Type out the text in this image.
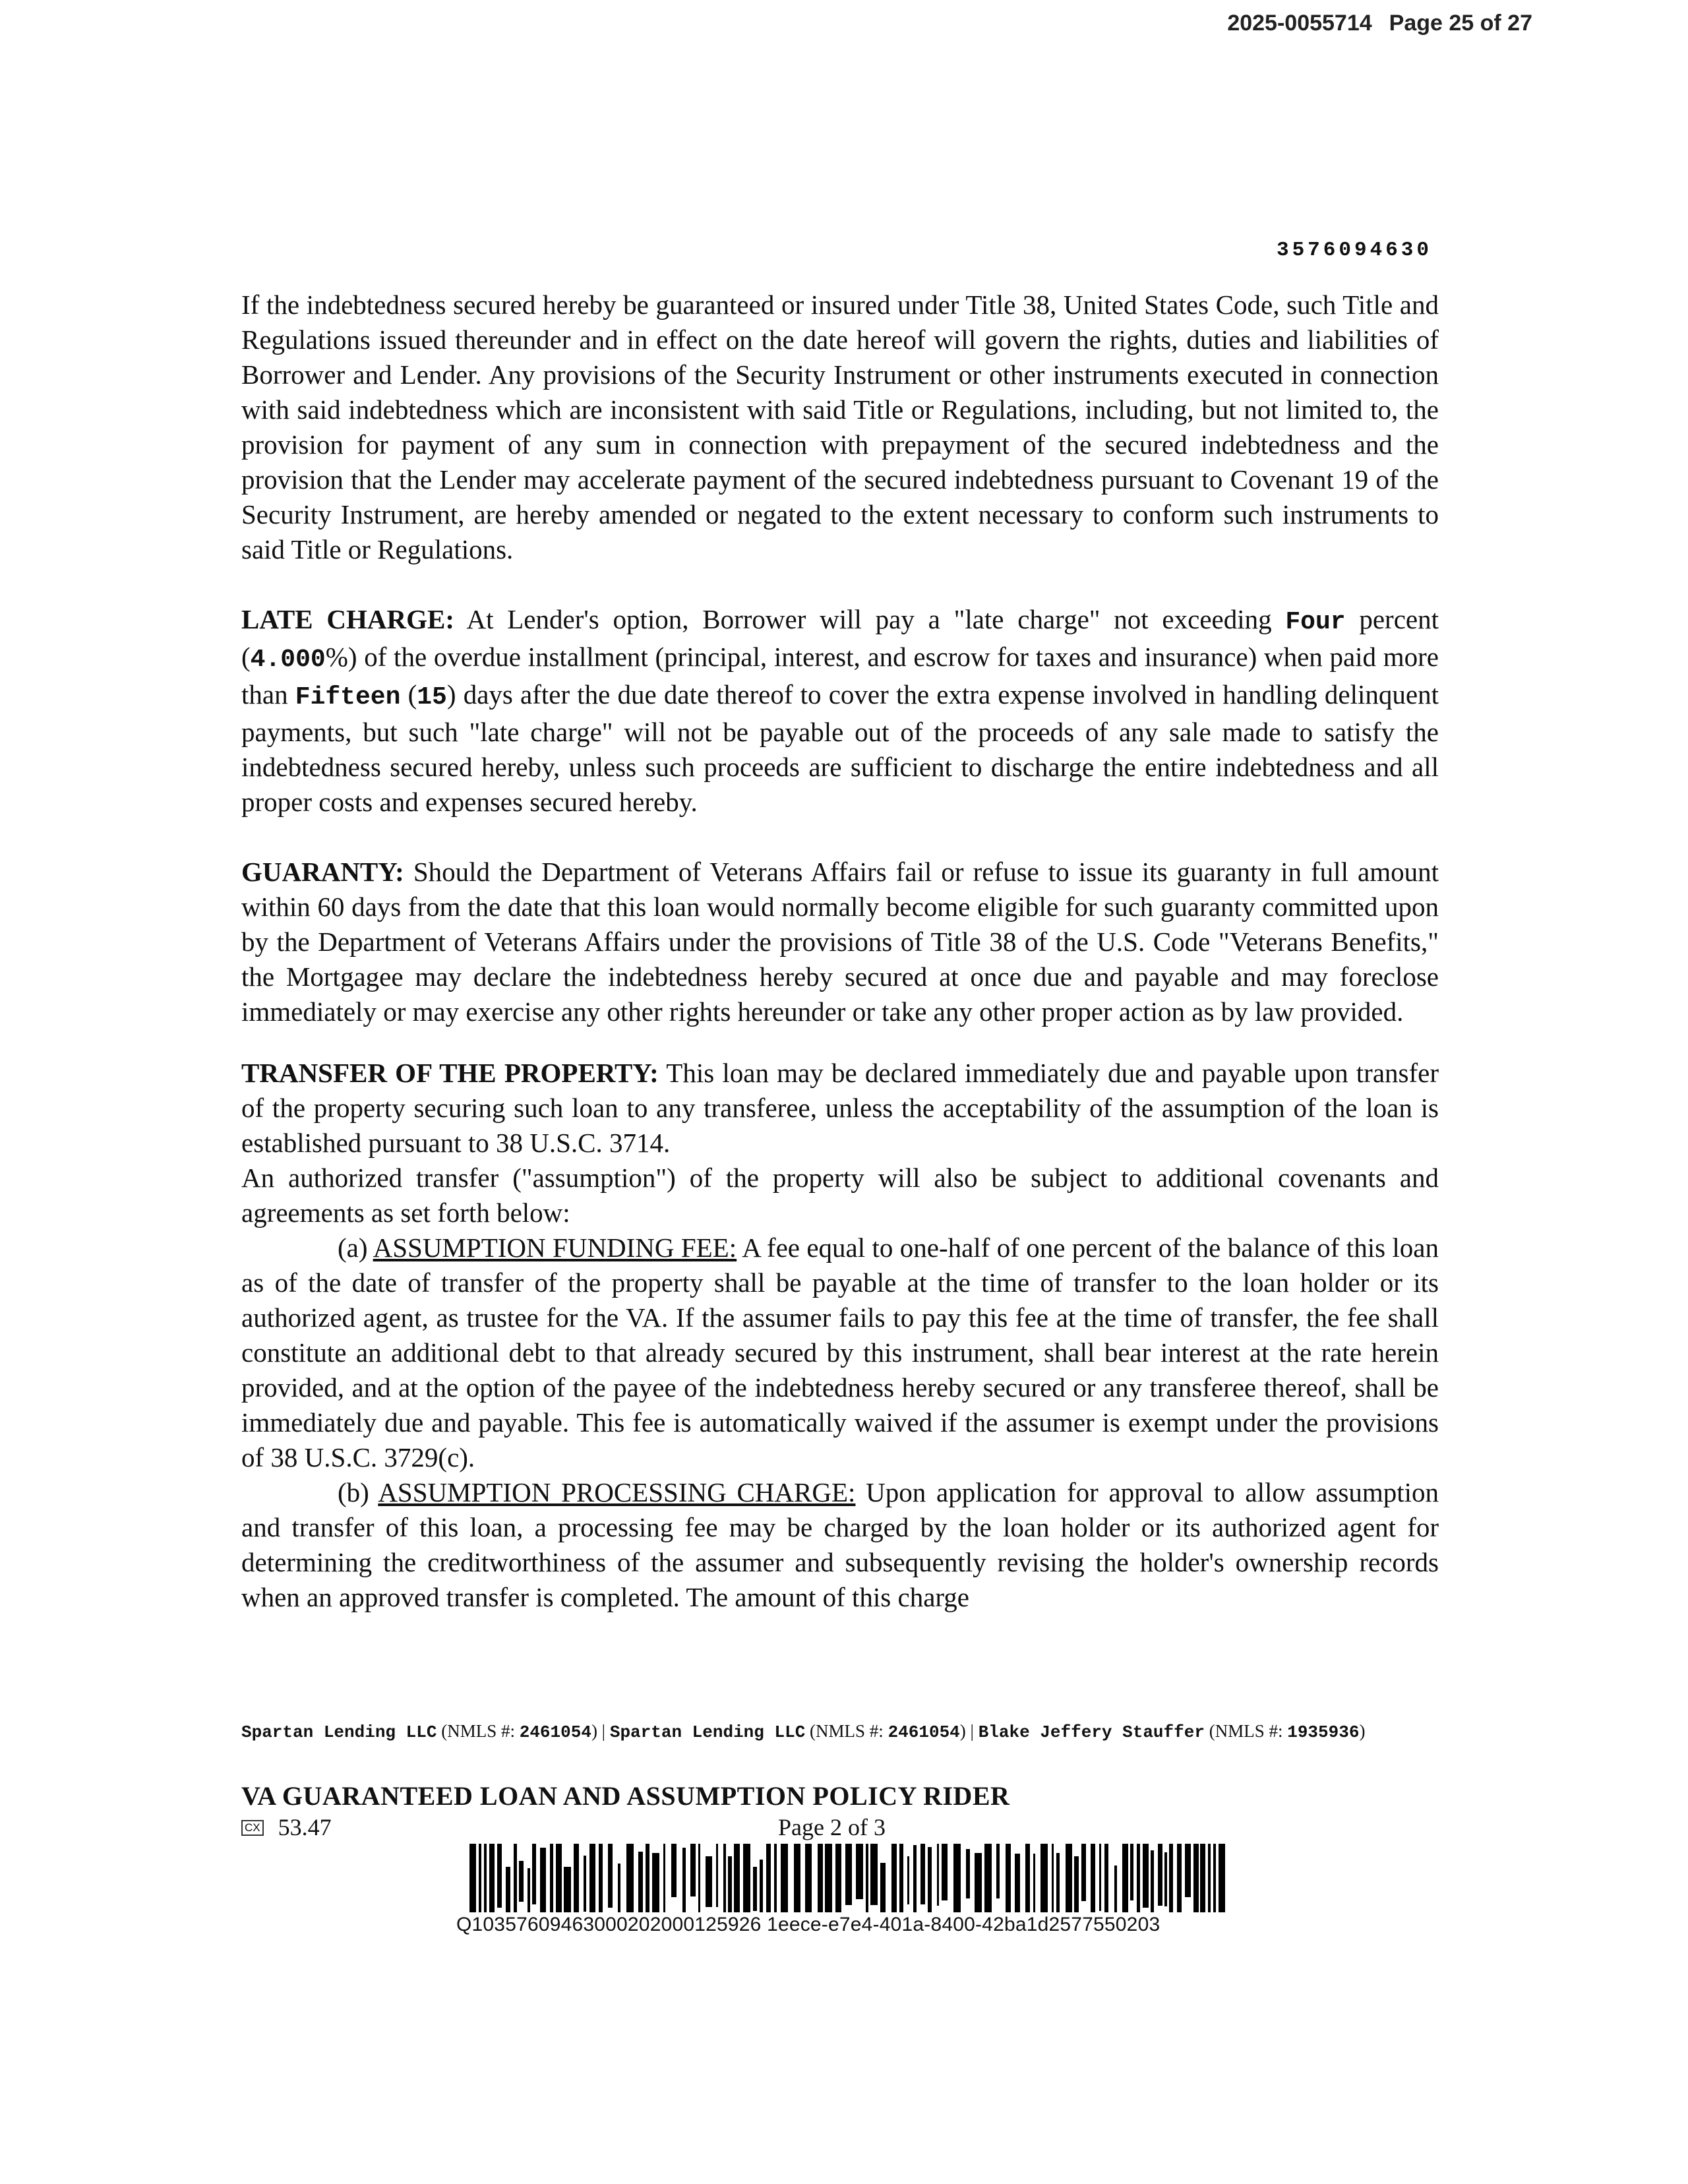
2025-0055714 Page 25 of 27
3576094630

If the indebtedness secured hereby be guaranteed or insured under Title 38, United States Code, such Title and Regulations issued thereunder and in effect on the date hereof will govern the rights, duties and liabilities of Borrower and Lender. Any provisions of the Security Instrument or other instruments executed in connection with said indebtedness which are inconsistent with said Title or Regulations, including, but not limited to, the provision for payment of any sum in connection with prepayment of the secured indebtedness and the provision that the Lender may accelerate payment of the secured indebtedness pursuant to Covenant 19 of the Security Instrument, are hereby amended or negated to the extent necessary to conform such instruments to said Title or Regulations.

LATE CHARGE: At Lender's option, Borrower will pay a "late charge" not exceeding Four percent (4.000%) of the overdue installment (principal, interest, and escrow for taxes and insurance) when paid more than Fifteen (15) days after the due date thereof to cover the extra expense involved in handling delinquent payments, but such "late charge" will not be payable out of the proceeds of any sale made to satisfy the indebtedness secured hereby, unless such proceeds are sufficient to discharge the entire indebtedness and all proper costs and expenses secured hereby.

GUARANTY: Should the Department of Veterans Affairs fail or refuse to issue its guaranty in full amount within 60 days from the date that this loan would normally become eligible for such guaranty committed upon by the Department of Veterans Affairs under the provisions of Title 38 of the U.S. Code "Veterans Benefits," the Mortgagee may declare the indebtedness hereby secured at once due and payable and may foreclose immediately or may exercise any other rights hereunder or take any other proper action as by law provided.

TRANSFER OF THE PROPERTY: This loan may be declared immediately due and payable upon transfer of the property securing such loan to any transferee, unless the acceptability of the assumption of the loan is established pursuant to 38 U.S.C. 3714.

An authorized transfer ("assumption") of the property will also be subject to additional covenants and agreements as set forth below:

(a) ASSUMPTION FUNDING FEE: A fee equal to one-half of one percent of the balance of this loan as of the date of transfer of the property shall be payable at the time of transfer to the loan holder or its authorized agent, as trustee for the VA. If the assumer fails to pay this fee at the time of transfer, the fee shall constitute an additional debt to that already secured by this instrument, shall bear interest at the rate herein provided, and at the option of the payee of the indebtedness hereby secured or any transferee thereof, shall be immediately due and payable. This fee is automatically waived if the assumer is exempt under the provisions of 38 U.S.C. 3729(c).

(b) ASSUMPTION PROCESSING CHARGE: Upon application for approval to allow assumption and transfer of this loan, a processing fee may be charged by the loan holder or its authorized agent for determining the creditworthiness of the assumer and subsequently revising the holder's ownership records when an approved transfer is completed. The amount of this charge

Spartan Lending LLC (NMLS #: 2461054) | Spartan Lending LLC (NMLS #: 2461054) | Blake Jeffery Stauffer (NMLS #: 1935936)
VA GUARANTEED LOAN AND ASSUMPTION POLICY RIDER
CX 53.47	Page 2 of 3
Q10357609463000202000125926 1eece-e7e4-401a-8400-42ba1d2577550203
